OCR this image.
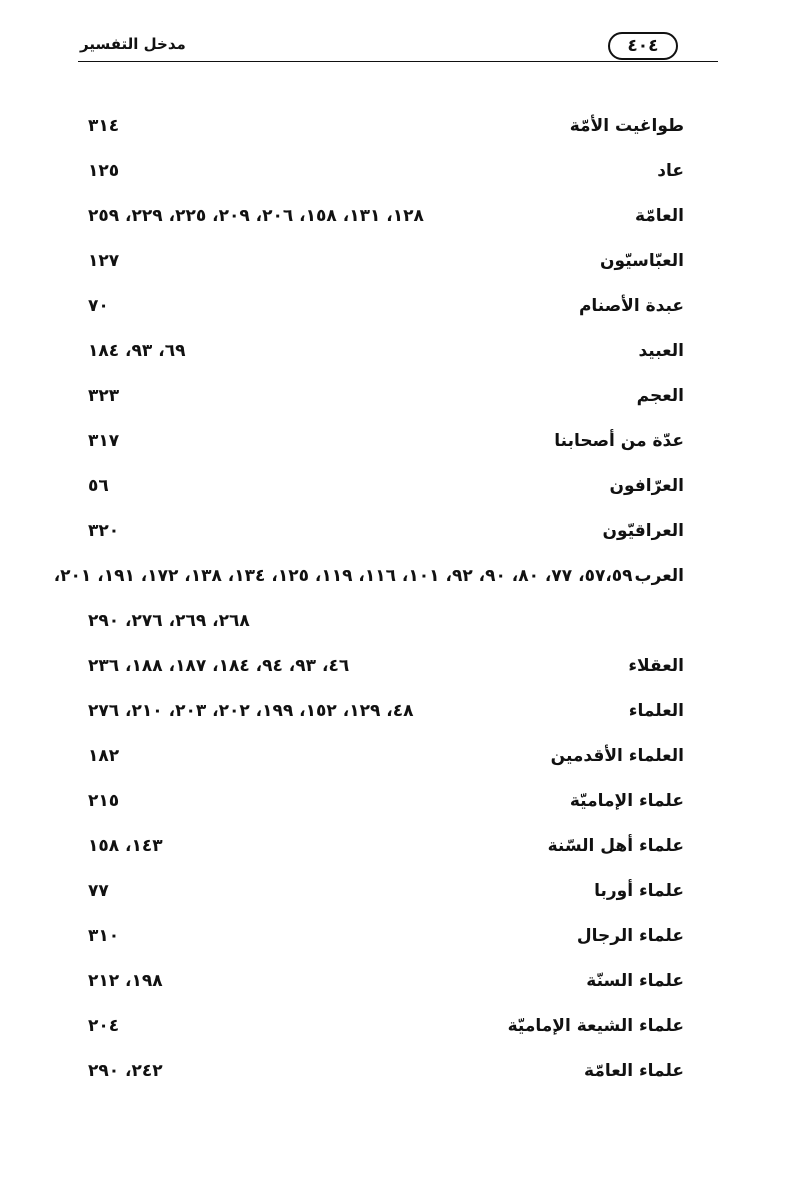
مدخل التفسير	٤٠٤
طواغيت الأمّة
٣١٤
عاد
١٢٥
العامّة
١٢٨، ١٣١، ١٥٨، ٢٠٦، ٢٠٩، ٢٢٥، ٢٢٩، ٢٥٩
العبّاسيّون
١٢٧
عبدة الأصنام
٧٠
العبيد
٦٩، ٩٣، ١٨٤
العجم
٣٢٣
عدّة من أصحابنا
٣١٧
العرّافون
٥٦
العراقيّون
٣٢٠
العرب٥٧،٥٩، ٧٧، ٨٠، ٩٠، ٩٢، ١٠١، ١١٦، ١١٩، ١٢٥، ١٣٤، ١٣٨، ١٧٢، ١٩١، ٢٠١،
٢٦٨، ٢٦٩، ٢٧٦، ٢٩٠
العقلاء
٤٦، ٩٣، ٩٤، ١٨٤، ١٨٧، ١٨٨، ٢٣٦
العلماء
٤٨، ١٢٩، ١٥٢، ١٩٩، ٢٠٢، ٢٠٣، ٢١٠، ٢٧٦
العلماء الأقدمين
١٨٢
علماء الإماميّة
٢١٥
علماء أهل السّنة
١٤٣، ١٥٨
علماء أوربا
٧٧
علماء الرجال
٣١٠
علماء السنّة
١٩٨، ٢١٢
علماء الشيعة الإماميّة
٢٠٤
علماء العامّة
٢٤٢، ٢٩٠
